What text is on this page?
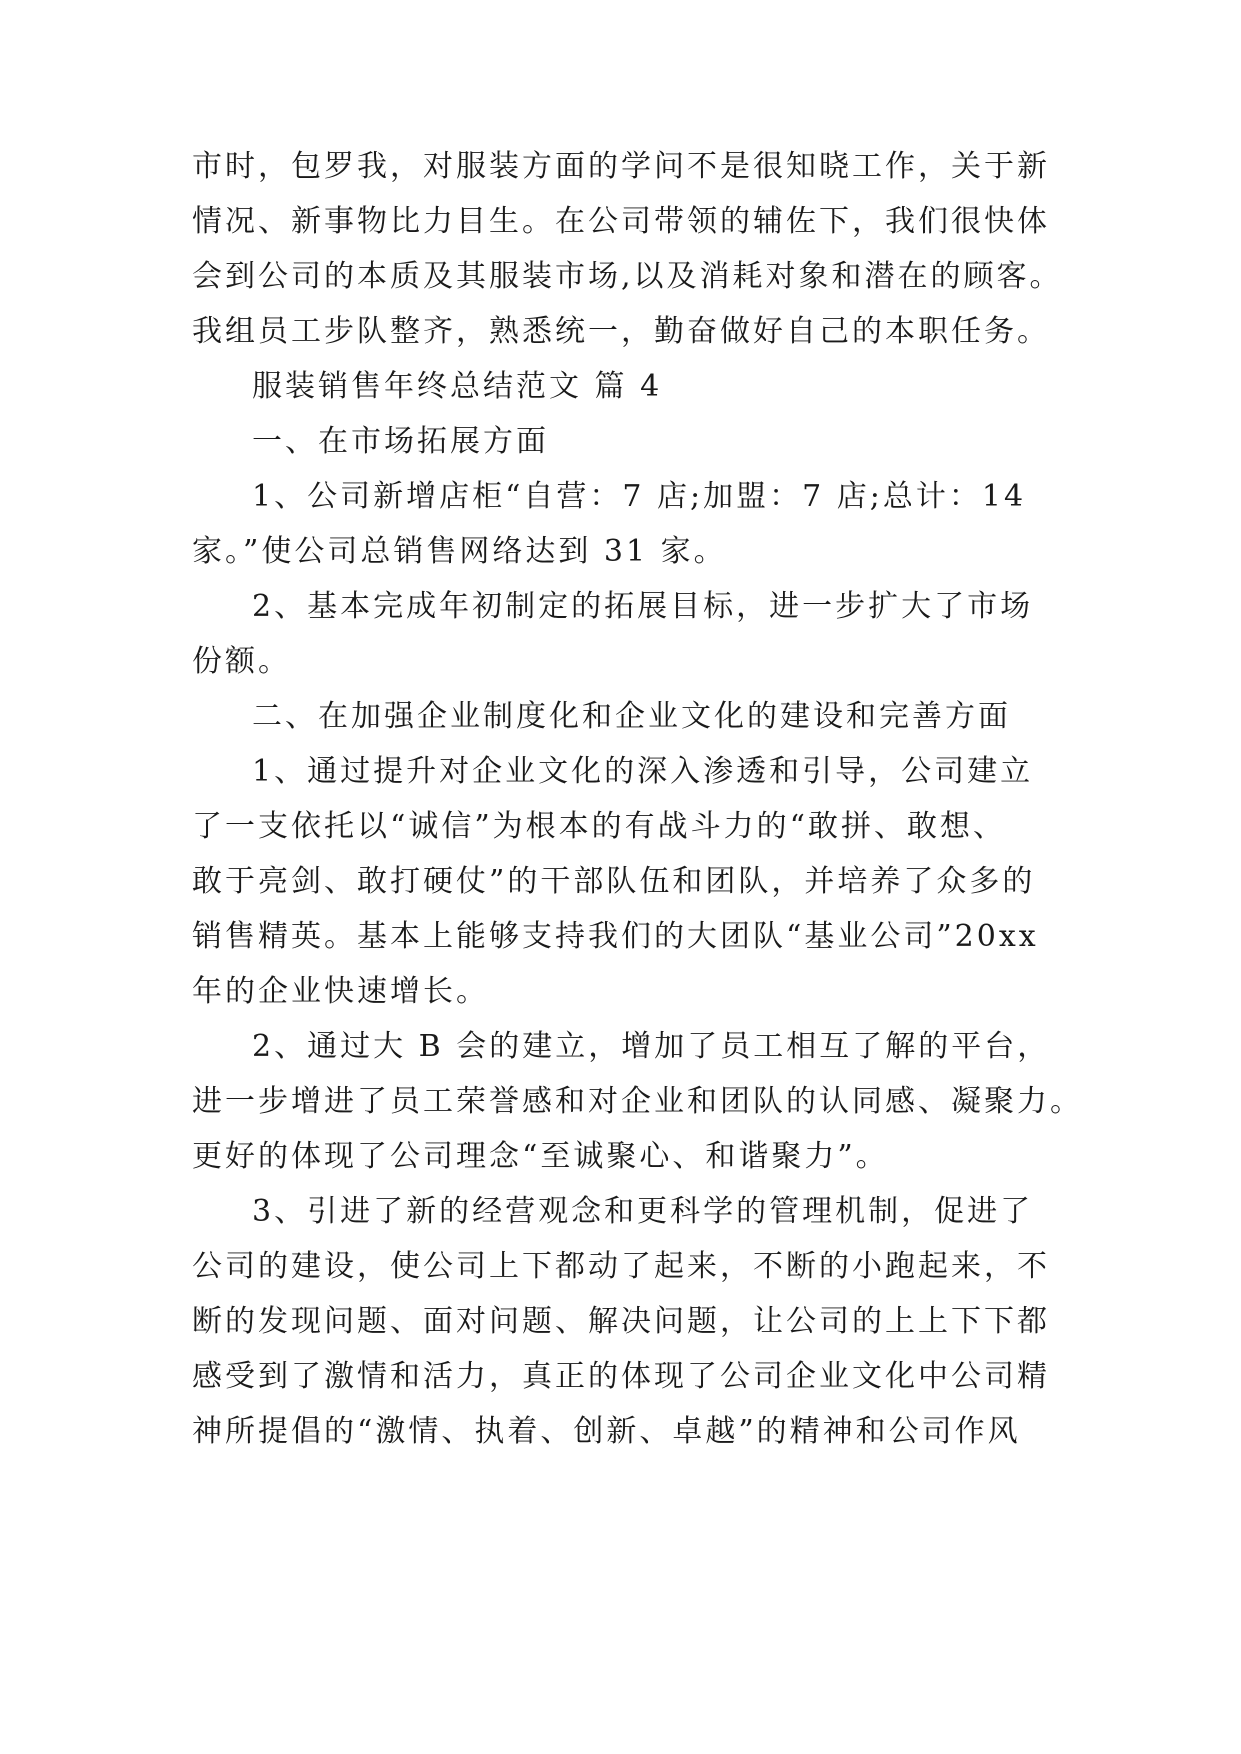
市时，包罗我，对服装方面的学问不是很知晓工作，关于新
情况、新事物比力目生。在公司带领的辅佐下，我们很快体
会到公司的本质及其服装市场,以及消耗对象和潜在的顾客。
我组员工步队整齐，熟悉统一，勤奋做好自己的本职任务。
服装销售年终总结范文 篇 4
一、在市场拓展方面
1、公司新增店柜“自营：7 店;加盟：7 店;总计：14
家。”使公司总销售网络达到 31 家。
2、基本完成年初制定的拓展目标，进一步扩大了市场
份额。
二、在加强企业制度化和企业文化的建设和完善方面
1、通过提升对企业文化的深入渗透和引导，公司建立
了一支依托以“诚信”为根本的有战斗力的“敢拼、敢想、
敢于亮剑、敢打硬仗”的干部队伍和团队，并培养了众多的
销售精英。基本上能够支持我们的大团队“基业公司”20xx
年的企业快速增长。
2、通过大 B 会的建立，增加了员工相互了解的平台，
进一步增进了员工荣誉感和对企业和团队的认同感、凝聚力。
更好的体现了公司理念“至诚聚心、和谐聚力”。
3、引进了新的经营观念和更科学的管理机制，促进了
公司的建设，使公司上下都动了起来，不断的小跑起来，不
断的发现问题、面对问题、解决问题，让公司的上上下下都
感受到了激情和活力，真正的体现了公司企业文化中公司精
神所提倡的“激情、执着、创新、卓越”的精神和公司作风
